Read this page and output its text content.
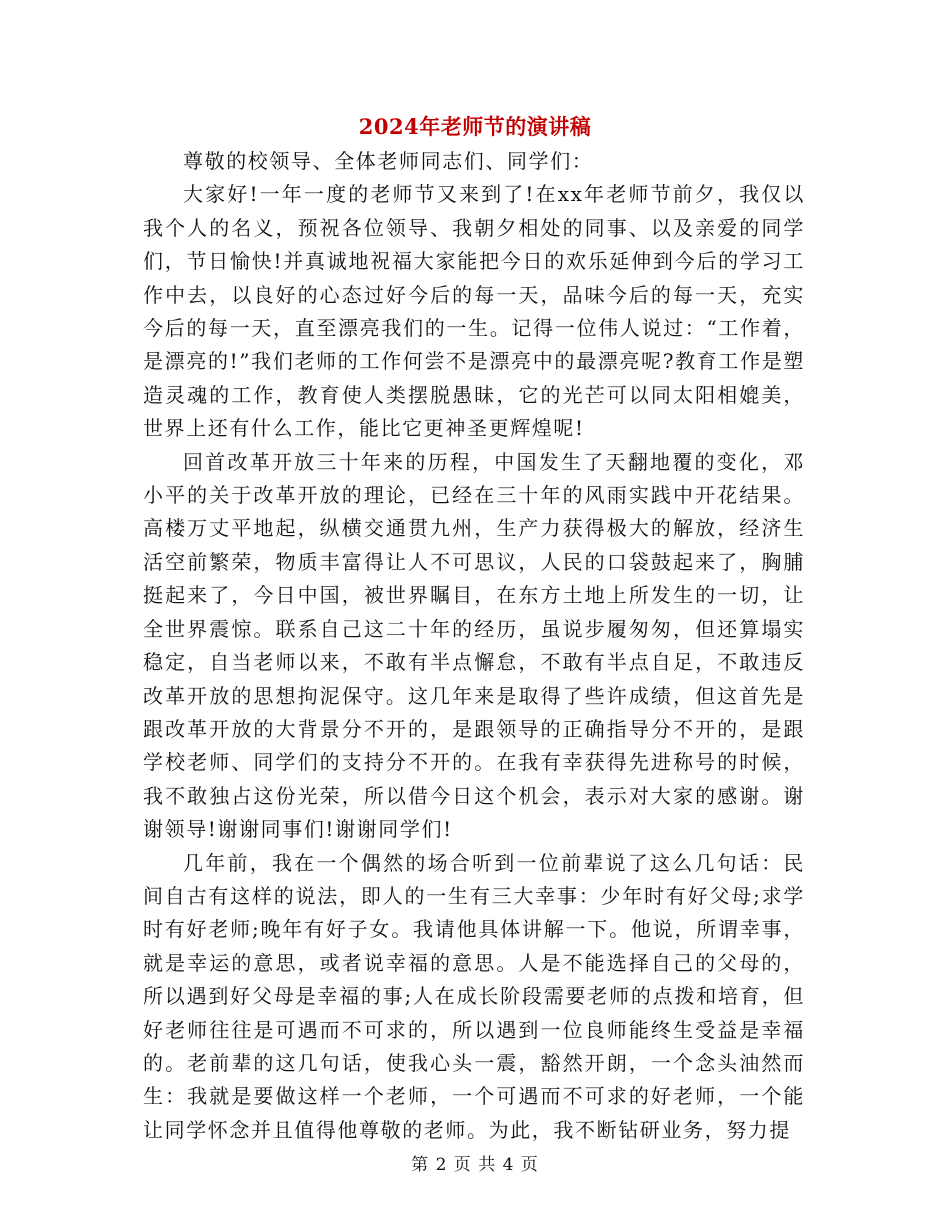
2024年老师节的演讲稿

尊敬的校领导、全体老师同志们、同学们：

大家好!一年一度的老师节又来到了!在xx年老师节前夕，我仅以我个人的名义，预祝各位领导、我朝夕相处的同事、以及亲爱的同学们，节日愉快!并真诚地祝福大家能把今日的欢乐延伸到今后的学习工作中去，以良好的心态过好今后的每一天，品味今后的每一天，充实今后的每一天，直至漂亮我们的一生。记得一位伟人说过：“工作着，是漂亮的!”我们老师的工作何尝不是漂亮中的最漂亮呢?教育工作是塑造灵魂的工作，教育使人类摆脱愚昧，它的光芒可以同太阳相媲美，世界上还有什么工作，能比它更神圣更辉煌呢!

回首改革开放三十年来的历程，中国发生了天翻地覆的变化，邓小平的关于改革开放的理论，已经在三十年的风雨实践中开花结果。高楼万丈平地起，纵横交通贯九州，生产力获得极大的解放，经济生活空前繁荣，物质丰富得让人不可思议，人民的口袋鼓起来了，胸脯挺起来了，今日中国，被世界瞩目，在东方土地上所发生的一切，让全世界震惊。联系自己这二十年的经历，虽说步履匆匆，但还算塌实稳定，自当老师以来，不敢有半点懈怠，不敢有半点自足，不敢违反改革开放的思想拘泥保守。这几年来是取得了些许成绩，但这首先是跟改革开放的大背景分不开的，是跟领导的正确指导分不开的，是跟学校老师、同学们的支持分不开的。在我有幸获得先进称号的时候，我不敢独占这份光荣，所以借今日这个机会，表示对大家的感谢。谢谢领导!谢谢同事们!谢谢同学们!

几年前，我在一个偶然的场合听到一位前辈说了这么几句话：民间自古有这样的说法，即人的一生有三大幸事：少年时有好父母;求学时有好老师;晚年有好子女。我请他具体讲解一下。他说，所谓幸事，就是幸运的意思，或者说幸福的意思。人是不能选择自己的父母的，所以遇到好父母是幸福的事;人在成长阶段需要老师的点拨和培育，但好老师往往是可遇而不可求的，所以遇到一位良师能终生受益是幸福的。老前辈的这几句话，使我心头一震，豁然开朗，一个念头油然而生：我就是要做这样一个老师，一个可遇而不可求的好老师，一个能让同学怀念并且值得他尊敬的老师。为此，我不断钻研业务，努力提

第 2 页 共 4 页
